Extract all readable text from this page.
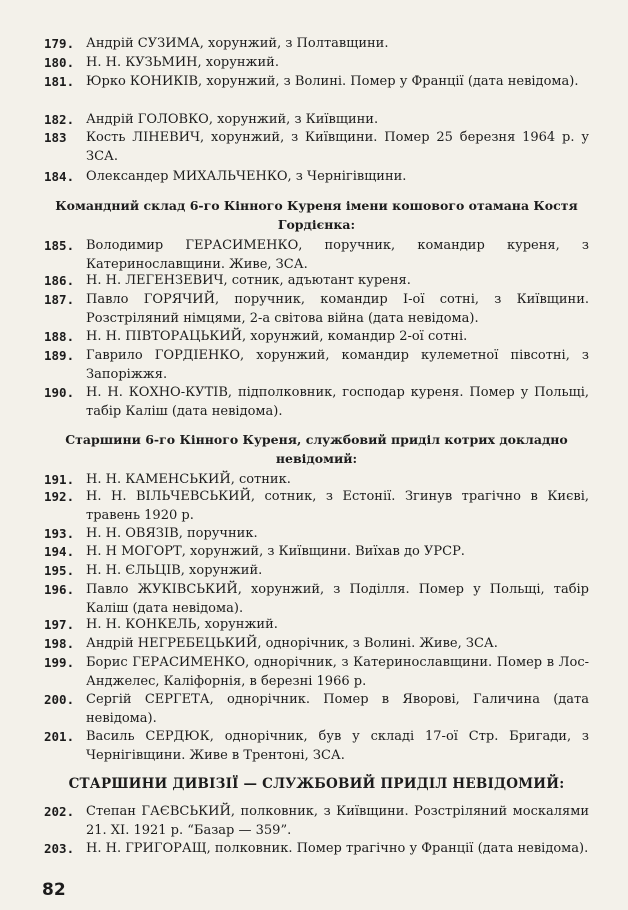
179. Андрій СУЗИМА, хорунжий, з Полтавщини.
180. Н. Н. КУЗЬМИН, хорунжий.
181. Юрко КОНИКІВ, хорунжий, з Волині. Помер у Франції (дата невідома).
182. Андрій ГОЛОВКО, хорунжий, з Київщини.
183	Кость ЛІНЕВИЧ, хорунжий, з Київщини. Помер 25 березня 1964 р. у ЗСА.
184. Олександер МИХАЛЬЧЕНКО, з Чернігівщини.
Командний склад 6-го Кінного Куреня імени кошового отамана Костя Гордієнка:
185. Володимир ГЕРАСИМЕНКО, поручник, командир куреня, з Катеринославщини. Живе, ЗСА.
186. Н. Н. ЛЕГЕНЗЕВИЧ, сотник, адъютант куреня.
187. Павло ГОРЯЧИЙ, поручник, командир І-ої сотні, з Київщини. Розстріляний німцями, 2-а світова війна (дата невідома).
188. Н. Н. ПІВТОРАЦЬКИЙ, хорунжий, командир 2-ої сотні.
189. Гаврило ГОРДІЕНКО, хорунжий, командир кулеметної півсотні, з Запоріжжя.
190. Н. Н. КОХНО-КУТІВ, підполковник, господар куреня. Помер у Польщі, табір Каліш (дата невідома).
Старшини 6-го Кінного Куреня, службовий приділ котрих докладно невідомий:
191. Н. Н. КАМЕНСЬКИЙ, сотник.
192. Н. Н. ВІЛЬЧЕВСЬКИЙ, сотник, з Естонії. Згинув трагічно в Києві, травень 1920 р.
193. Н. Н. ОВЯЗІВ, поручник.
194. Н. Н МОГОРТ, хорунжий, з Київщини. Виїхав до УРСР.
195. Н. Н. ЄЛЬЦІВ, хорунжий.
196. Павло ЖУКІВСЬКИЙ, хорунжий, з Поділля. Помер у Польщі, табір Каліш (дата невідома).
197. Н. Н. КОНКЕЛЬ, хорунжий.
198. Андрій НЕГРЕБЕЦЬКИЙ, однорічник, з Волині. Живе, ЗСА.
199. Борис ГЕРАСИМЕНКО, однорічник, з Катеринославщини. Помер в Лос-Анджелес, Каліфорнія, в березні 1966 р.
200. Сергій СЕРГЕТА, однорічник. Помер в Яворові, Галичина (дата невідома).
201. Василь СЕРДЮК, однорічник, був у складі 17-ої Стр. Бригади, з Чернігівщини. Живе в Трентоні, ЗСА.
СТАРШИНИ ДИВІЗІЇ — СЛУЖБОВИЙ ПРИДІЛ НЕВІДОМИЙ:
202. Степан ГАЄВСЬКИЙ, полковник, з Київщини. Розстріляний москалями 21. XI. 1921 р. “Базар — 359”.
203. Н. Н. ГРИГОРАЩ, полковник. Помер трагічно у Франції (дата невідома).
82
